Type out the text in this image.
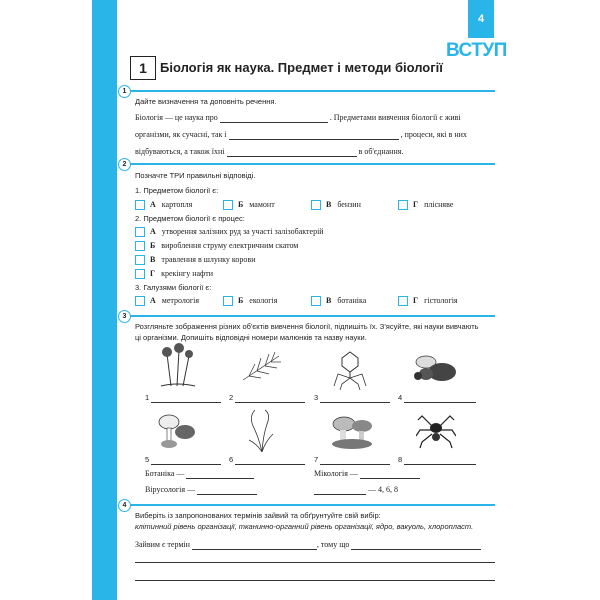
4
ВСТУП
1	Біологія як наука. Предмет і методи біології
1
Дайте визначення та доповніть речення.
Біологія — це наука про	. Предметами вивчення біології є живі
організми, як сучасні, так і	, процеси, які в них
відбуваються, а також їхні	в об'єднання.
2
Позначте ТРИ правильні відповіді.
1. Предметом біології є:
А картопля	Б мамонт	В бензин	Г плісняве
2. Предметом біології є процес:
А утворення залізних руд за участі залізобактерій
Б вироблення струму електричним скатом
В травлення в шлунку корови
Г крекінгу нафти
3. Галузями біології є:
А метрологія	Б екологія	В ботаніка	Г гістологія
3
Розгляньте зображення різних об'єктів вивчення біології, підпишіть їх. З'ясуйте, які науки вивчають
ці організми. Допишіть відповідні номери малюнків та назву науки.
1	2	3	4
5	6	7	8
Ботаніка —	Мікологія —
Вірусологія —	— 4, 6, 8
4
Виберіть із запропонованих термінів зайвий та обґрунтуйте свій вибір:
клітинний рівень організації, тканинно-органний рівень організації, ядро, вакуоль, хлоропласт.
Зайвим є термін	, тому що
